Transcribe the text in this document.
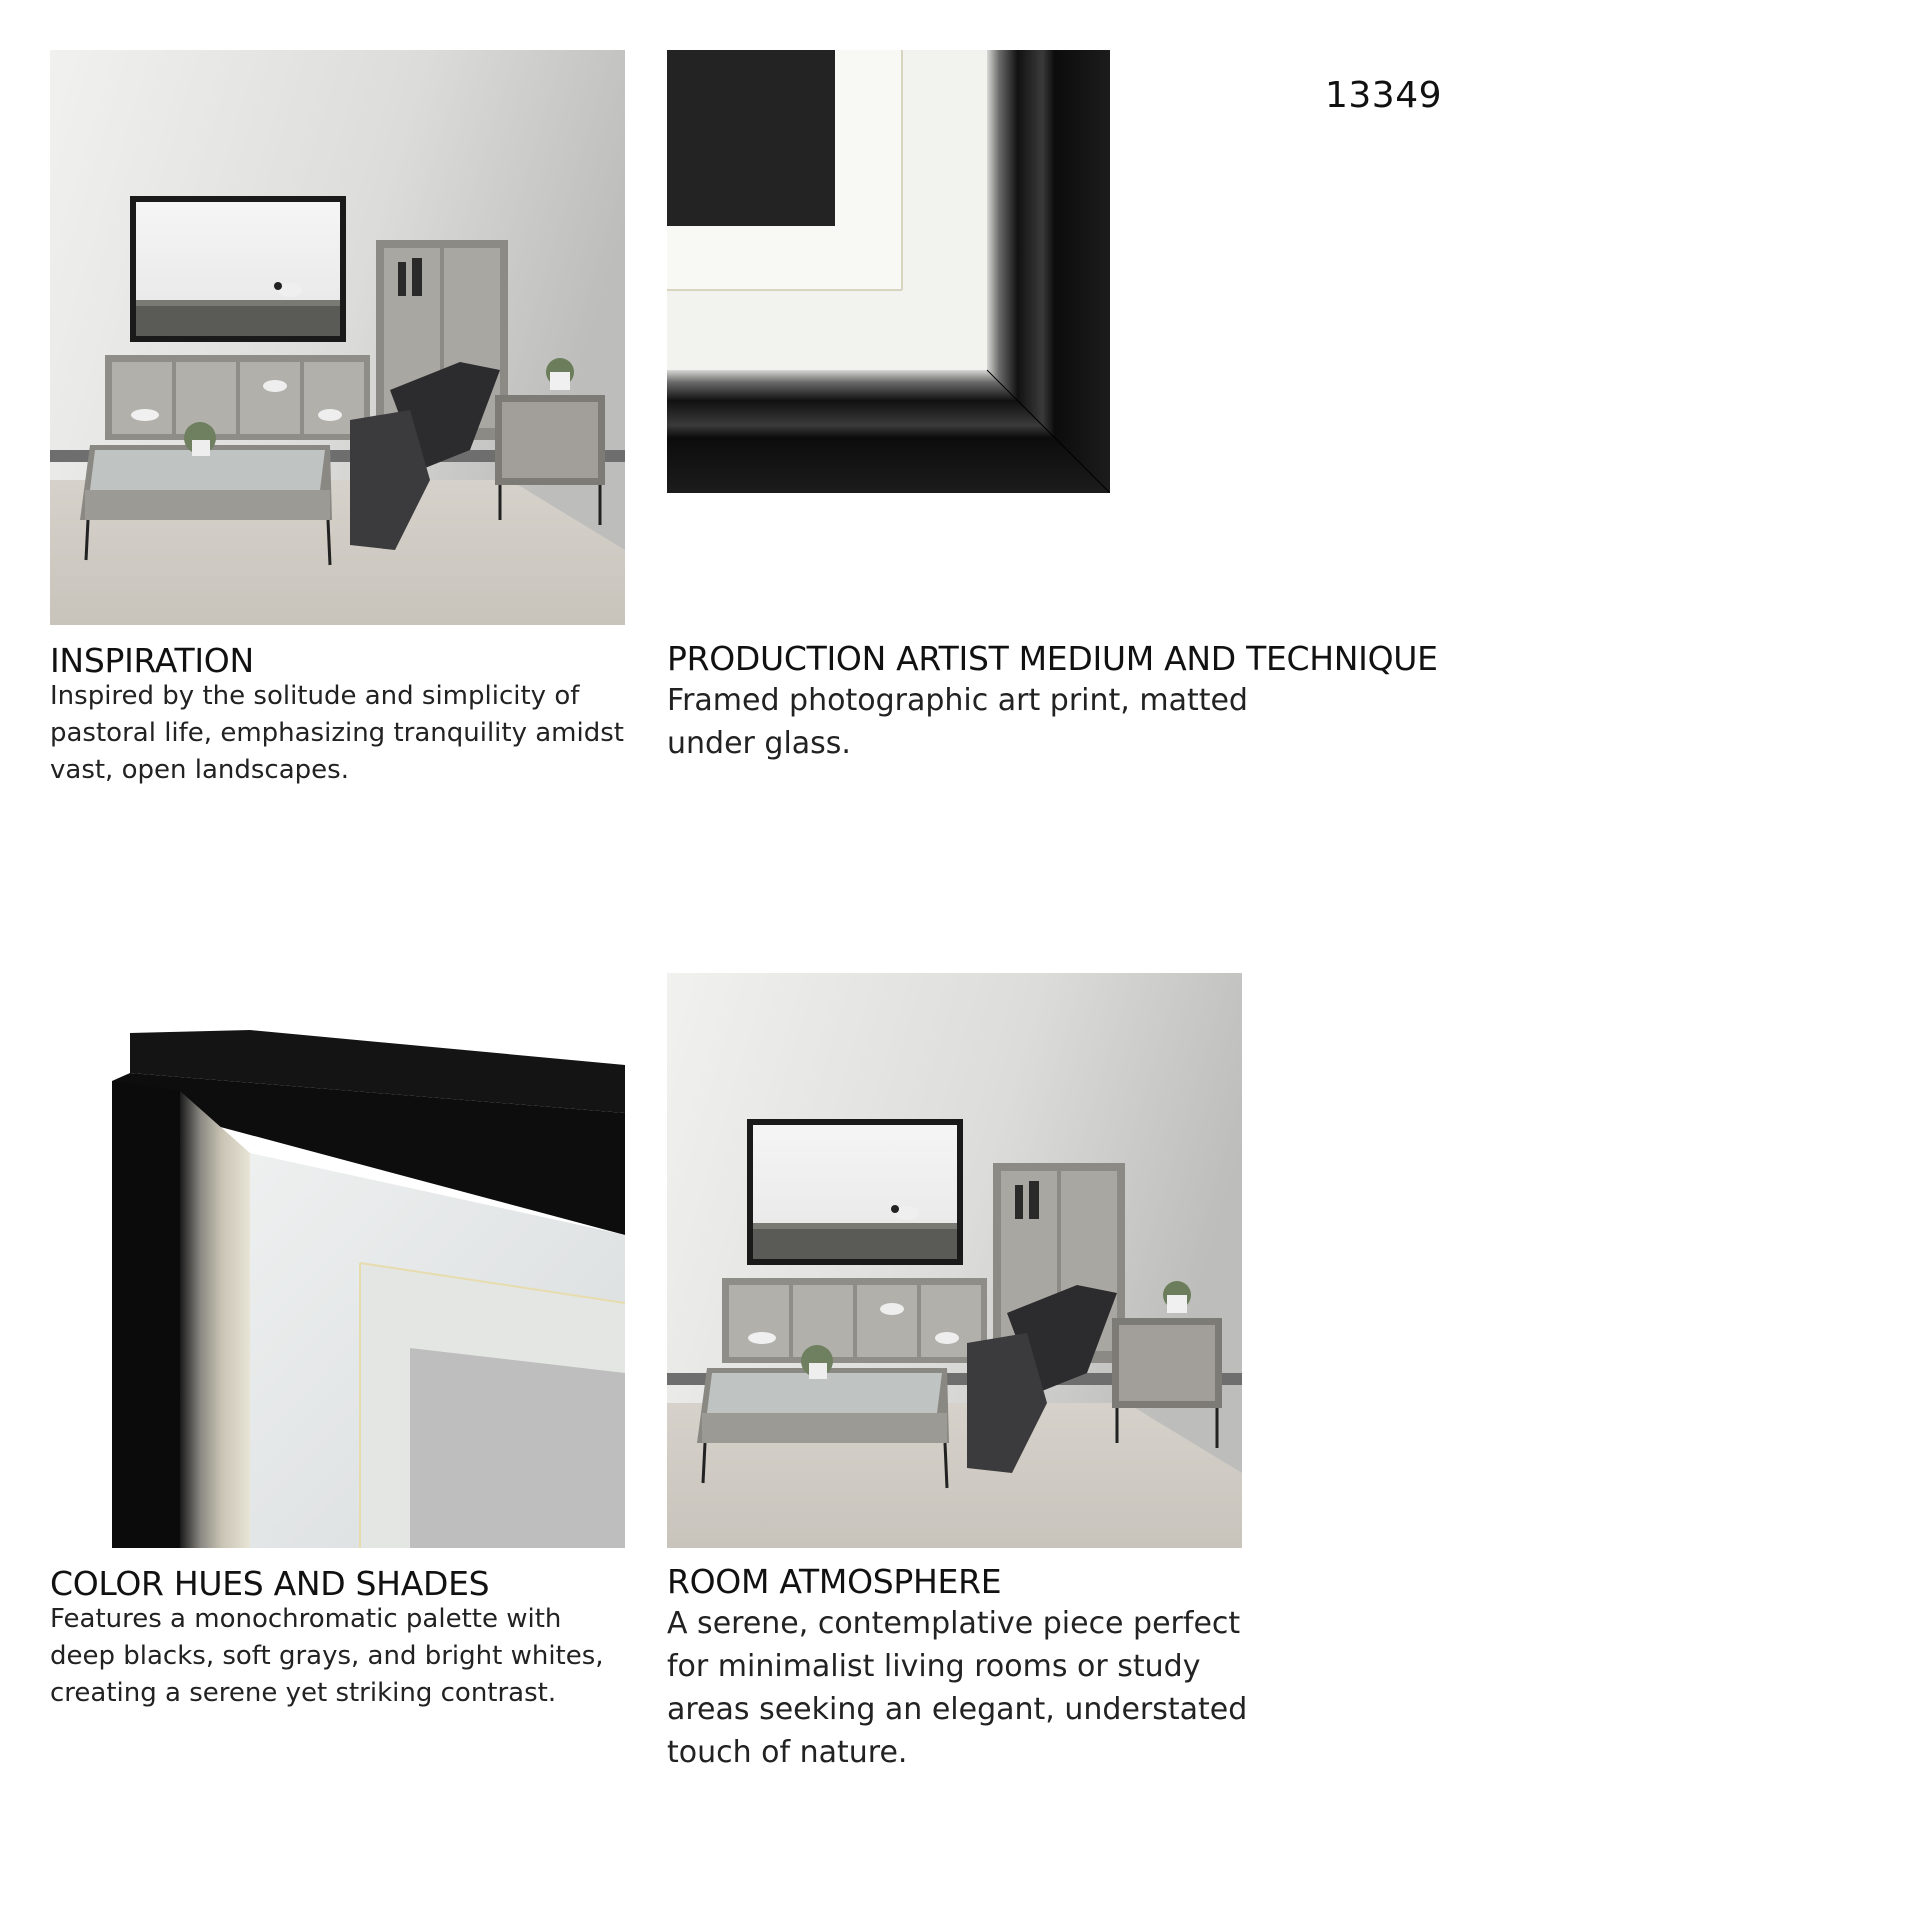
13349
INSPIRATION
Inspired by the solitude and simplicity of pastoral life, emphasizing tranquility amidst vast, open landscapes.
PRODUCTION ARTIST MEDIUM AND TECHNIQUE
Framed photographic art print, matted under glass.
COLOR HUES AND SHADES
Features a monochromatic palette with deep blacks, soft grays, and bright whites, creating a serene yet striking contrast.
ROOM ATMOSPHERE
A serene, contemplative piece perfect for minimalist living rooms or study areas seeking an elegant, understated touch of nature.
